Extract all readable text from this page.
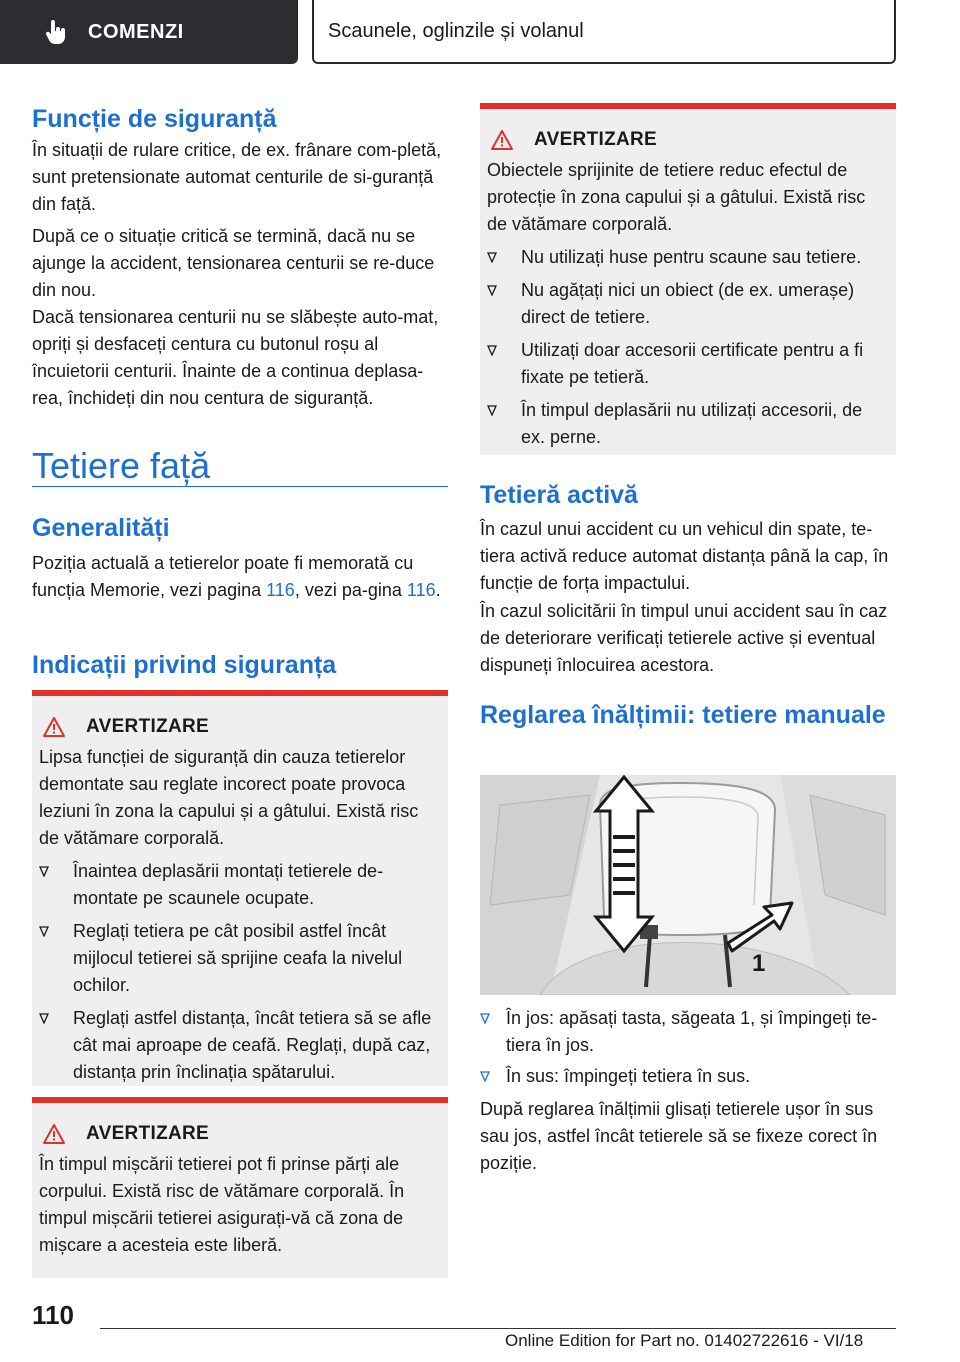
COMENZI	Scaunele, oglinzile și volanul
Funcție de siguranță
În situații de rulare critice, de ex. frânare com-pletă, sunt pretensionate automat centurile de si-guranță din față.
După ce o situație critică se termină, dacă nu se ajunge la accident, tensionarea centurii se re-duce din nou.
Dacă tensionarea centurii nu se slăbește auto-mat, opriți și desfaceți centura cu butonul roșu al încuietorii centurii. Înainte de a continua deplasa-rea, închideți din nou centura de siguranță.
Tetiere față
Generalități
Poziția actuală a tetierelor poate fi memorată cu funcția Memorie, vezi pagina 116, vezi pa-gina 116.
Indicații privind siguranța
AVERTIZARE
Lipsa funcției de siguranță din cauza tetierelor demontate sau reglate incorect poate provoca leziuni în zona la capului și a gâtului. Există risc de vătămare corporală.
Înaintea deplasării montați tetierele de-montate pe scaunele ocupate.
Reglați tetiera pe cât posibil astfel încât mijlocul tetierei să sprijine ceafa la nivelul ochilor.
Reglați astfel distanța, încât tetiera să se afle cât mai aproape de ceafă. Reglați, după caz, distanța prin înclinația spătarului.
AVERTIZARE
În timpul mișcării tetierei pot fi prinse părți ale corpului. Există risc de vătămare corporală. În timpul mișcării tetierei asigurați-vă că zona de mișcare a acesteia este liberă.
AVERTIZARE
Obiectele sprijinite de tetiere reduc efectul de protecție în zona capului și a gâtului. Există risc de vătămare corporală.
Nu utilizați huse pentru scaune sau tetiere.
Nu agățați nici un obiect (de ex. umerașe) direct de tetiere.
Utilizați doar accesorii certificate pentru a fi fixate pe tetieră.
În timpul deplasării nu utilizați accesorii, de ex. perne.
Tetieră activă
În cazul unui accident cu un vehicul din spate, te-tiera activă reduce automat distanța până la cap, în funcție de forța impactului.
În cazul solicitării în timpul unui accident sau în caz de deteriorare verificați tetierele active și eventual dispuneți înlocuirea acestora.
Reglarea înălțimii: tetiere manuale
1
În jos: apăsați tasta, săgeata 1, și împingeți te-tiera în jos.
În sus: împingeți tetiera în sus.
După reglarea înălțimii glisați tetierele ușor în sus sau jos, astfel încât tetierele să se fixeze corect în poziție.
110
Online Edition for Part no. 01402722616 - VI/18
